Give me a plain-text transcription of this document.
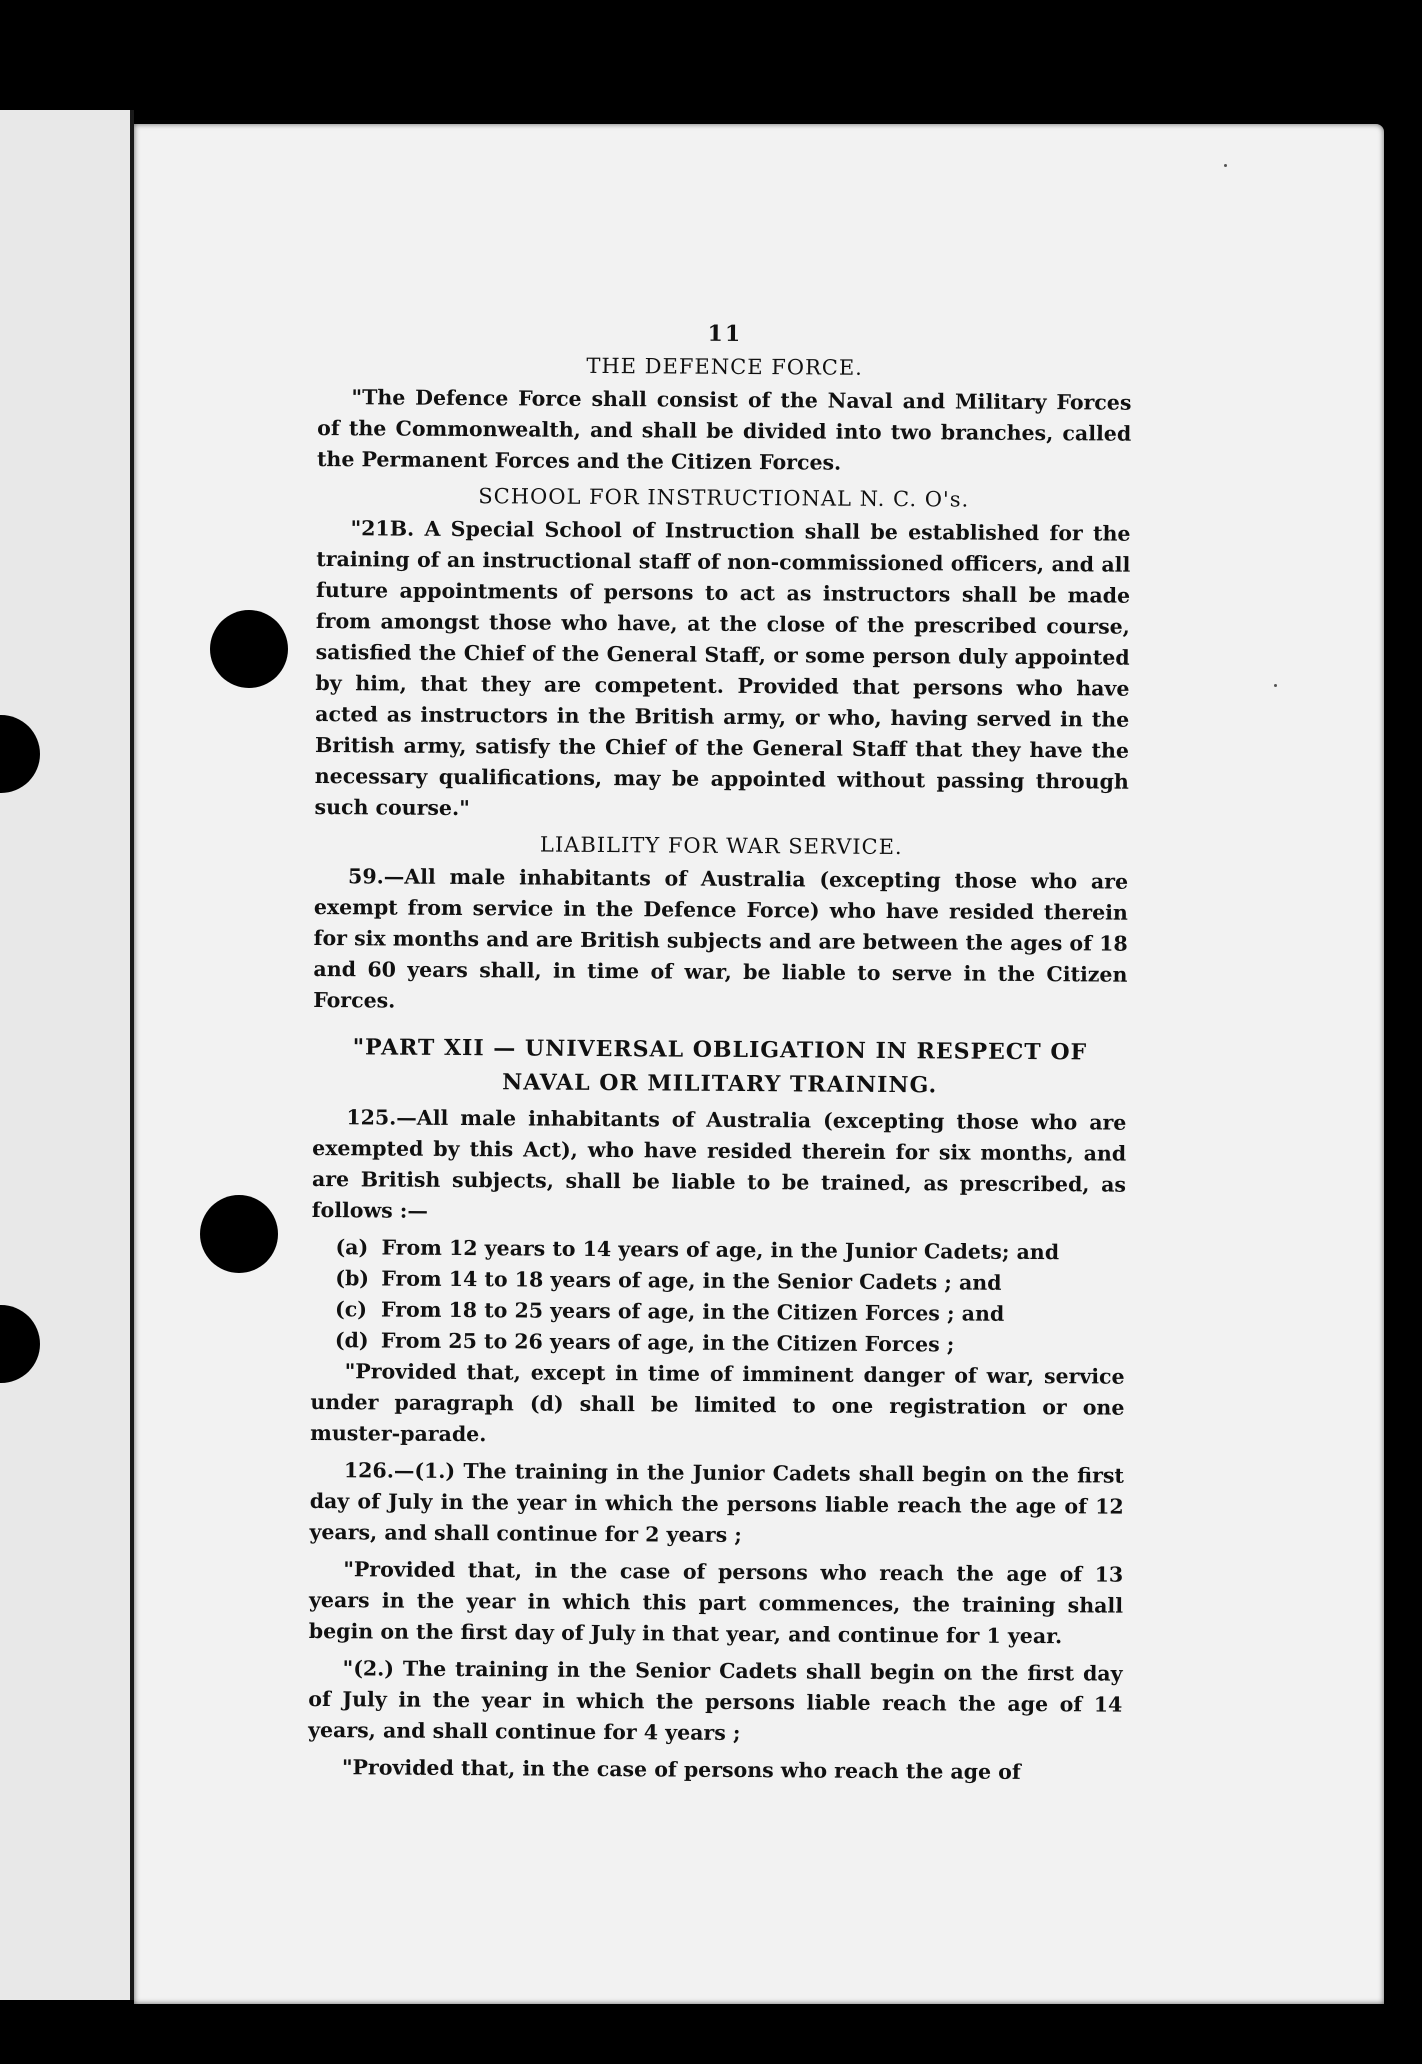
11
THE DEFENCE FORCE.

"The Defence Force shall consist of the Naval and Military Forces of the Commonwealth, and shall be divided into two branches, called the Permanent Forces and the Citizen Forces.

SCHOOL FOR INSTRUCTIONAL N. C. O's.

"21B. A Special School of Instruction shall be established for the training of an instructional staff of non-commissioned officers, and all future appointments of persons to act as instructors shall be made from amongst those who have, at the close of the prescribed course, satisfied the Chief of the General Staff, or some person duly appointed by him, that they are competent. Provided that persons who have acted as instructors in the British army, or who, having served in the British army, satisfy the Chief of the General Staff that they have the necessary qualifications, may be appointed without passing through such course."

LIABILITY FOR WAR SERVICE.

59.—All male inhabitants of Australia (excepting those who are exempt from service in the Defence Force) who have resided therein for six months and are British subjects and are between the ages of 18 and 60 years shall, in time of war, be liable to serve in the Citizen Forces.

"PART XII — UNIVERSAL OBLIGATION IN RESPECT OF
NAVAL OR MILITARY TRAINING.

125.—All male inhabitants of Australia (excepting those who are exempted by this Act), who have resided therein for six months, and are British subjects, shall be liable to be trained, as prescribed, as follows :—

(a) From 12 years to 14 years of age, in the Junior Cadets; and

(b) From 14 to 18 years of age, in the Senior Cadets ; and

(c) From 18 to 25 years of age, in the Citizen Forces ; and

(d) From 25 to 26 years of age, in the Citizen Forces ;

"Provided that, except in time of imminent danger of war, service under paragraph (d) shall be limited to one registration or one muster-parade.

126.—(1.) The training in the Junior Cadets shall begin on the first day of July in the year in which the persons liable reach the age of 12 years, and shall continue for 2 years ;

"Provided that, in the case of persons who reach the age of 13 years in the year in which this part commences, the training shall begin on the first day of July in that year, and continue for 1 year.

"(2.) The training in the Senior Cadets shall begin on the first day of July in the year in which the persons liable reach the age of 14 years, and shall continue for 4 years ;

"Provided that, in the case of persons who reach the age of
